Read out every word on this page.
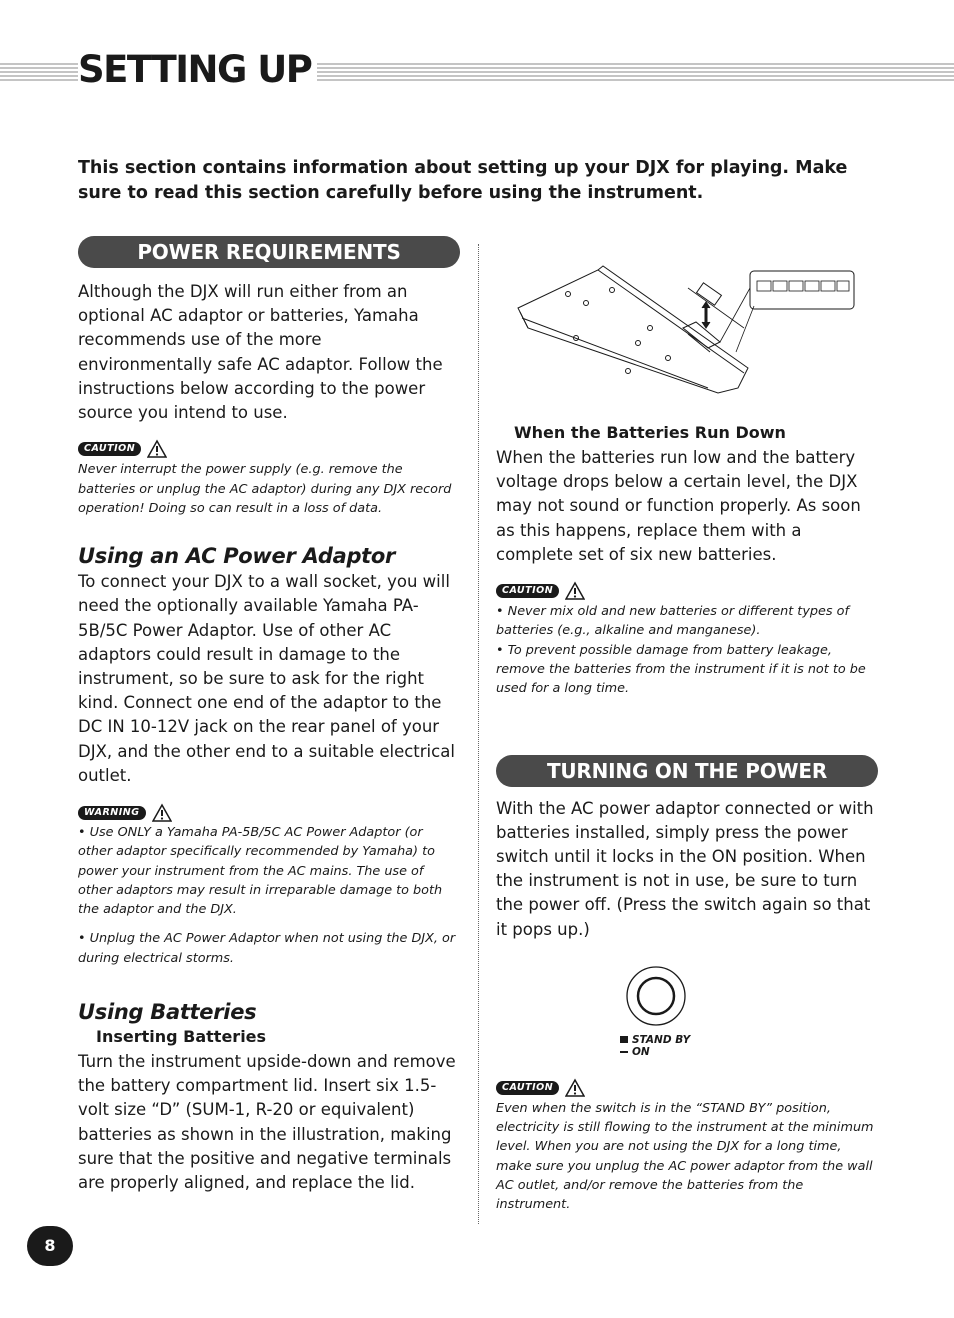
SETTING UP

This section contains information about setting up your DJX for playing. Make sure to read this section carefully before using the instrument.

POWER REQUIREMENTS

Although the DJX will run either from an optional AC adaptor or batteries, Yamaha recommends use of the more environmentally safe AC adaptor. Follow the instructions below according to the power source you intend to use.

CAUTION

Never interrupt the power supply (e.g. remove the batteries or unplug the AC adaptor) during any DJX record operation! Doing so can result in a loss of data.

Using an AC Power Adaptor

To connect your DJX to a wall socket, you will need the optionally available Yamaha PA-5B/5C Power Adaptor. Use of other AC adaptors could result in damage to the instrument, so be sure to ask for the right kind. Connect one end of the adaptor to the DC IN 10-12V jack on the rear panel of your DJX, and the other end to a suitable electrical outlet.

WARNING

• Use ONLY a Yamaha PA-5B/5C AC Power Adaptor (or other adaptor specifically recommended by Yamaha) to power your instrument from the AC mains. The use of other adaptors may result in irreparable damage to both the adaptor and the DJX.

• Unplug the AC Power Adaptor when not using the DJX, or during electrical storms.

Using Batteries

Inserting Batteries

Turn the instrument upside-down and remove the battery compartment lid. Insert six 1.5-volt size “D” (SUM-1, R-20 or equivalent) batteries as shown in the illustration, making sure that the positive and negative terminals are properly aligned, and replace the lid.

When the Batteries Run Down

When the batteries run low and the battery voltage drops below a certain level, the DJX may not sound or function properly. As soon as this happens, replace them with a complete set of six new batteries.

CAUTION

• Never mix old and new batteries or different types of batteries (e.g., alkaline and manganese).

• To prevent possible damage from battery leakage, remove the batteries from the instrument if it is not to be used for a long time.

TURNING ON THE POWER

With the AC power adaptor connected or with batteries installed, simply press the power switch until it locks in the ON position. When the instrument is not in use, be sure to turn the power off. (Press the switch again so that it pops up.)

STAND BY
ON
CAUTION

Even when the switch is in the “STAND BY” position, electricity is still flowing to the instrument at the minimum level. When you are not using the DJX for a long time, make sure you unplug the AC power adaptor from the wall AC outlet, and/or remove the batteries from the instrument.

8
